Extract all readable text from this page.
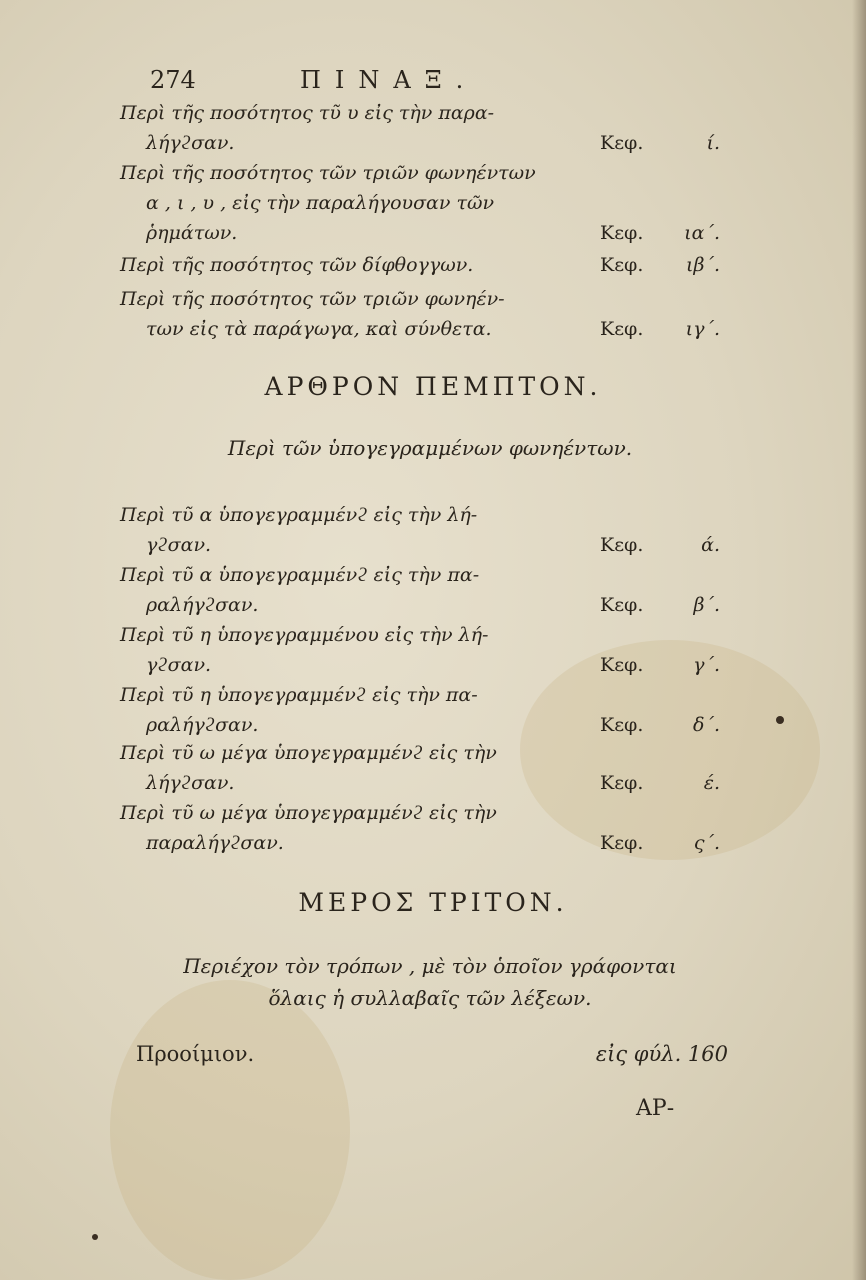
274	ΠΙΝΑΞ.
Περὶ τῆς ποσότητος τῦ υ εἰς τὴν παρα-
λήγϩσαν.	Κεφ.	ί.
Περὶ τῆς ποσότητος τῶν τριῶν φωνηέντων
α , ι , υ , εἰς τὴν παραλήγουσαν τῶν
ῥημάτων.	Κεφ. ια΄.
Περὶ τῆς ποσότητος τῶν δίφθογγων.	Κεφ. ιβ΄.
Περὶ τῆς ποσότητος τῶν τριῶν φωνηέν-
των εἰς τὰ παράγωγα, καὶ σύνθετα.	Κεφ. ιγ΄.
ΑΡΘΡΟΝ ΠΕΜΠΤΟΝ.
Περὶ τῶν ὑπογεγραμμένων φωνηέντων.
Περὶ τῦ α ὑπογεγραμμένϩ εἰς τὴν λή-
γϩσαν.	Κεφ.	ά.
Περὶ τῦ α ὑπογεγραμμένϩ εἰς τὴν πα-
ραλήγϩσαν.	Κεφ.	β΄.
Περὶ τῦ η ὑπογεγραμμένου εἰς τὴν λή-
γϩσαν.	Κεφ.	γ΄.
Περὶ τῦ η ὑπογεγραμμένϩ εἰς τὴν πα-
ραλήγϩσαν.	Κεφ.	δ΄.
Περὶ τῦ ω μέγα ὑπογεγραμμένϩ εἰς τὴν
λήγϩσαν.	Κεφ.	έ.
Περὶ τῦ ω μέγα ὑπογεγραμμένϩ εἰς τὴν
παραλήγϩσαν.	Κεφ.	ς΄.
ΜΕΡΟΣ ΤΡΙΤΟΝ.
Περιέχον τὸν τρόπων , μὲ τὸν ὁποῖον γράφονται
ὅλαις ἡ συλλαβαῖς τῶν λέξεων.
Προοίμιον.	εἰς φύλ. 160
ΑΡ-
